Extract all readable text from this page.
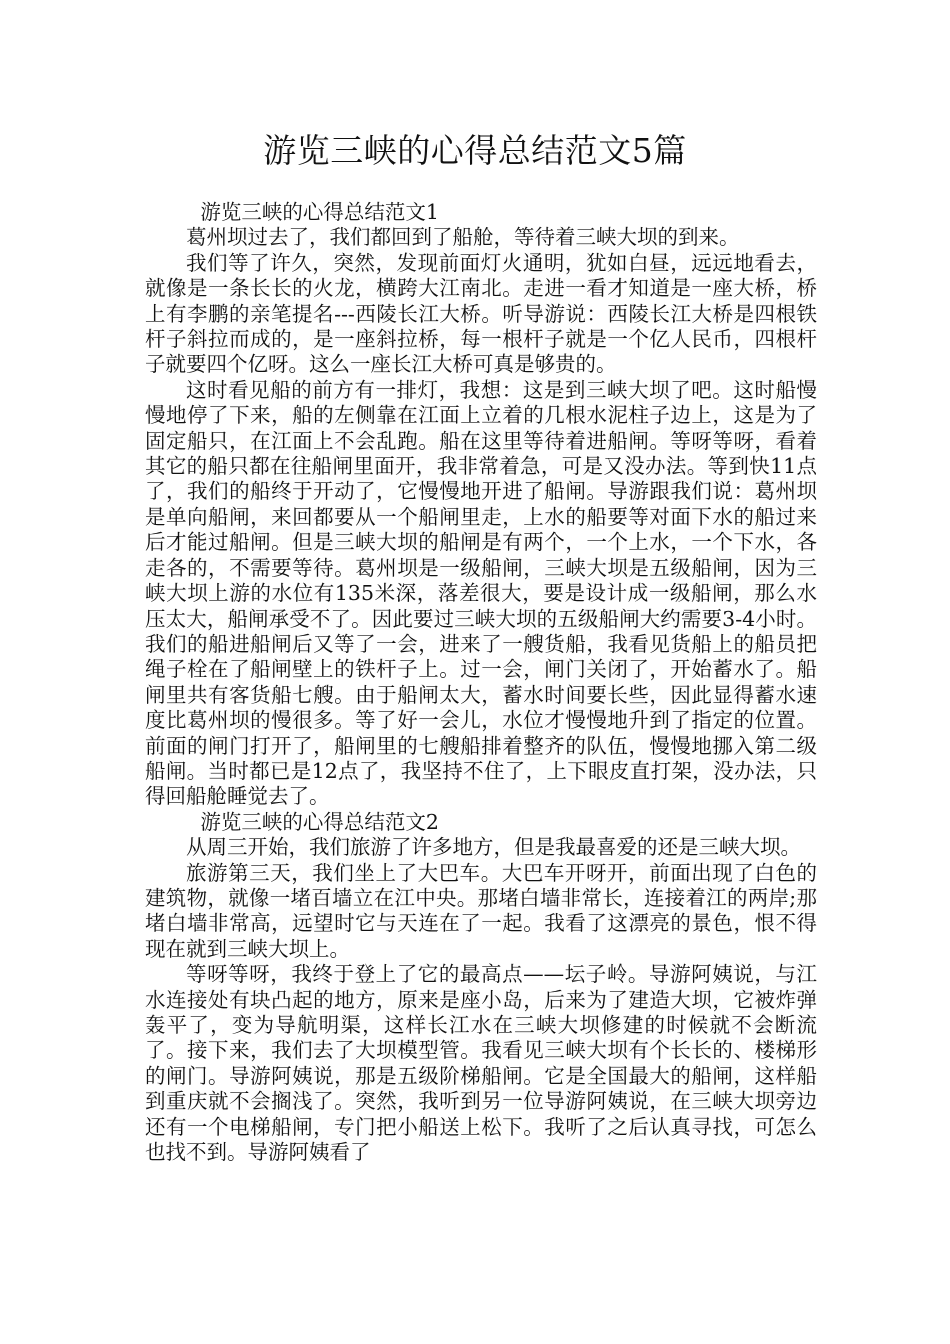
游览三峡的心得总结范文5篇

游览三峡的心得总结范文1

葛州坝过去了，我们都回到了船舱，等待着三峡大坝的到来。

我们等了许久，突然，发现前面灯火通明，犹如白昼，远远地看去，就像是一条长长的火龙，横跨大江南北。走进一看才知道是一座大桥，桥上有李鹏的亲笔提名---西陵长江大桥。听导游说：西陵长江大桥是四根铁杆子斜拉而成的，是一座斜拉桥，每一根杆子就是一个亿人民币，四根杆子就要四个亿呀。这么一座长江大桥可真是够贵的。

这时看见船的前方有一排灯，我想：这是到三峡大坝了吧。这时船慢慢地停了下来，船的左侧靠在江面上立着的几根水泥柱子边上，这是为了固定船只，在江面上不会乱跑。船在这里等待着进船闸。等呀等呀，看着其它的船只都在往船闸里面开，我非常着急，可是又没办法。等到快11点了，我们的船终于开动了，它慢慢地开进了船闸。导游跟我们说：葛州坝是单向船闸，来回都要从一个船闸里走，上水的船要等对面下水的船过来后才能过船闸。但是三峡大坝的船闸是有两个，一个上水，一个下水，各走各的，不需要等待。葛州坝是一级船闸，三峡大坝是五级船闸，因为三峡大坝上游的水位有135米深，落差很大，要是设计成一级船闸，那么水压太大，船闸承受不了。因此要过三峡大坝的五级船闸大约需要3-4小时。我们的船进船闸后又等了一会，进来了一艘货船，我看见货船上的船员把绳子栓在了船闸壁上的铁杆子上。过一会，闸门关闭了，开始蓄水了。船闸里共有客货船七艘。由于船闸太大，蓄水时间要长些，因此显得蓄水速度比葛州坝的慢很多。等了好一会儿，水位才慢慢地升到了指定的位置。前面的闸门打开了，船闸里的七艘船排着整齐的队伍，慢慢地挪入第二级船闸。当时都已是12点了，我坚持不住了，上下眼皮直打架，没办法，只得回船舱睡觉去了。

游览三峡的心得总结范文2

从周三开始，我们旅游了许多地方，但是我最喜爱的还是三峡大坝。

旅游第三天，我们坐上了大巴车。大巴车开呀开，前面出现了白色的建筑物，就像一堵百墙立在江中央。那堵白墙非常长，连接着江的两岸;那堵白墙非常高，远望时它与天连在了一起。我看了这漂亮的景色，恨不得现在就到三峡大坝上。

等呀等呀，我终于登上了它的最高点——坛子岭。导游阿姨说，与江水连接处有块凸起的地方，原来是座小岛，后来为了建造大坝，它被炸弹轰平了，变为导航明渠，这样长江水在三峡大坝修建的时候就不会断流了。接下来，我们去了大坝模型管。我看见三峡大坝有个长长的、楼梯形的闸门。导游阿姨说，那是五级阶梯船闸。它是全国最大的船闸，这样船到重庆就不会搁浅了。突然，我听到另一位导游阿姨说，在三峡大坝旁边还有一个电梯船闸，专门把小船送上松下。我听了之后认真寻找，可怎么也找不到。导游阿姨看了
